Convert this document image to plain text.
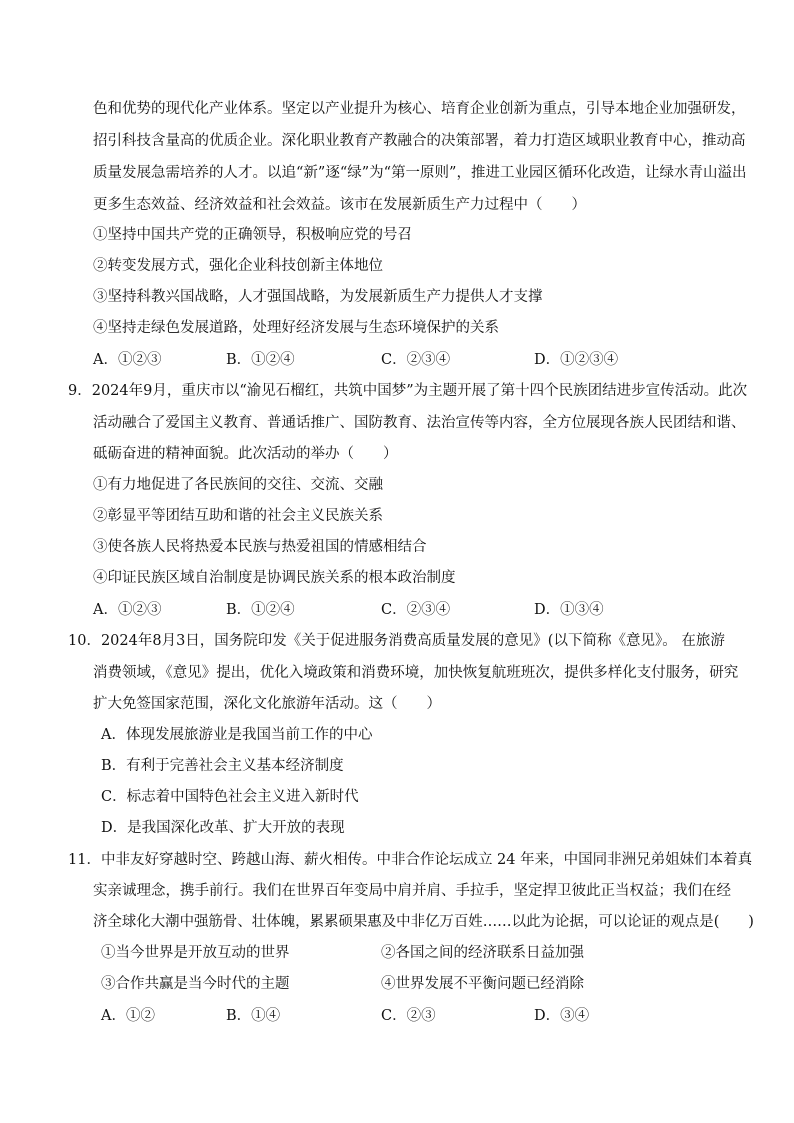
色和优势的现代化产业体系。坚定以产业提升为核心、培育企业创新为重点，引导本地企业加强研发，
招引科技含量高的优质企业。深化职业教育产教融合的决策部署，着力打造区域职业教育中心，推动高
质量发展急需培养的人才。以追“新”逐“绿”为“第一原则”，推进工业园区循环化改造，让绿水青山溢出
更多生态效益、经济效益和社会效益。该市在发展新质生产力过程中（　　）
①坚持中国共产党的正确领导，积极响应党的号召
②转变发展方式，强化企业科技创新主体地位
③坚持科教兴国战略，人才强国战略，为发展新质生产力提供人才支撑
④坚持走绿色发展道路，处理好经济发展与生态环境保护的关系
A．①②③	B．①②④	C．②③④	D．①②③④
9．2024年9月，重庆市以“渝见石榴红，共筑中国梦”为主题开展了第十四个民族团结进步宣传活动。此次
活动融合了爱国主义教育、普通话推广、国防教育、法治宣传等内容，全方位展现各族人民团结和谐、
砥砺奋进的精神面貌。此次活动的举办（　　）
①有力地促进了各民族间的交往、交流、交融
②彰显平等团结互助和谐的社会主义民族关系
③使各族人民将热爱本民族与热爱祖国的情感相结合
④印证民族区域自治制度是协调民族关系的根本政治制度
A．①②③	B．①②④	C．②③④	D．①③④
10．2024年8月3日，国务院印发《关于促进服务消费高质量发展的意见》(以下简称《意见》。 在旅游
消费领域，《意见》提出，优化入境政策和消费环境，加快恢复航班班次，提供多样化支付服务，研究
扩大免签国家范围，深化文化旅游年活动。这（　　）
A．体现发展旅游业是我国当前工作的中心
B．有利于完善社会主义基本经济制度
C．标志着中国特色社会主义进入新时代
D．是我国深化改革、扩大开放的表现
11．中非友好穿越时空、跨越山海、薪火相传。中非合作论坛成立 24 年来，中国同非洲兄弟姐妹们本着真
实亲诚理念，携手前行。我们在世界百年变局中肩并肩、手拉手，坚定捍卫彼此正当权益；我们在经
济全球化大潮中强筋骨、壮体魄，累累硕果惠及中非亿万百姓……以此为论据，可以论证的观点是(　　)
①当今世界是开放互动的世界	②各国之间的经济联系日益加强
③合作共赢是当今时代的主题	④世界发展不平衡问题已经消除
A．①②	B．①④	C．②③	D．③④
